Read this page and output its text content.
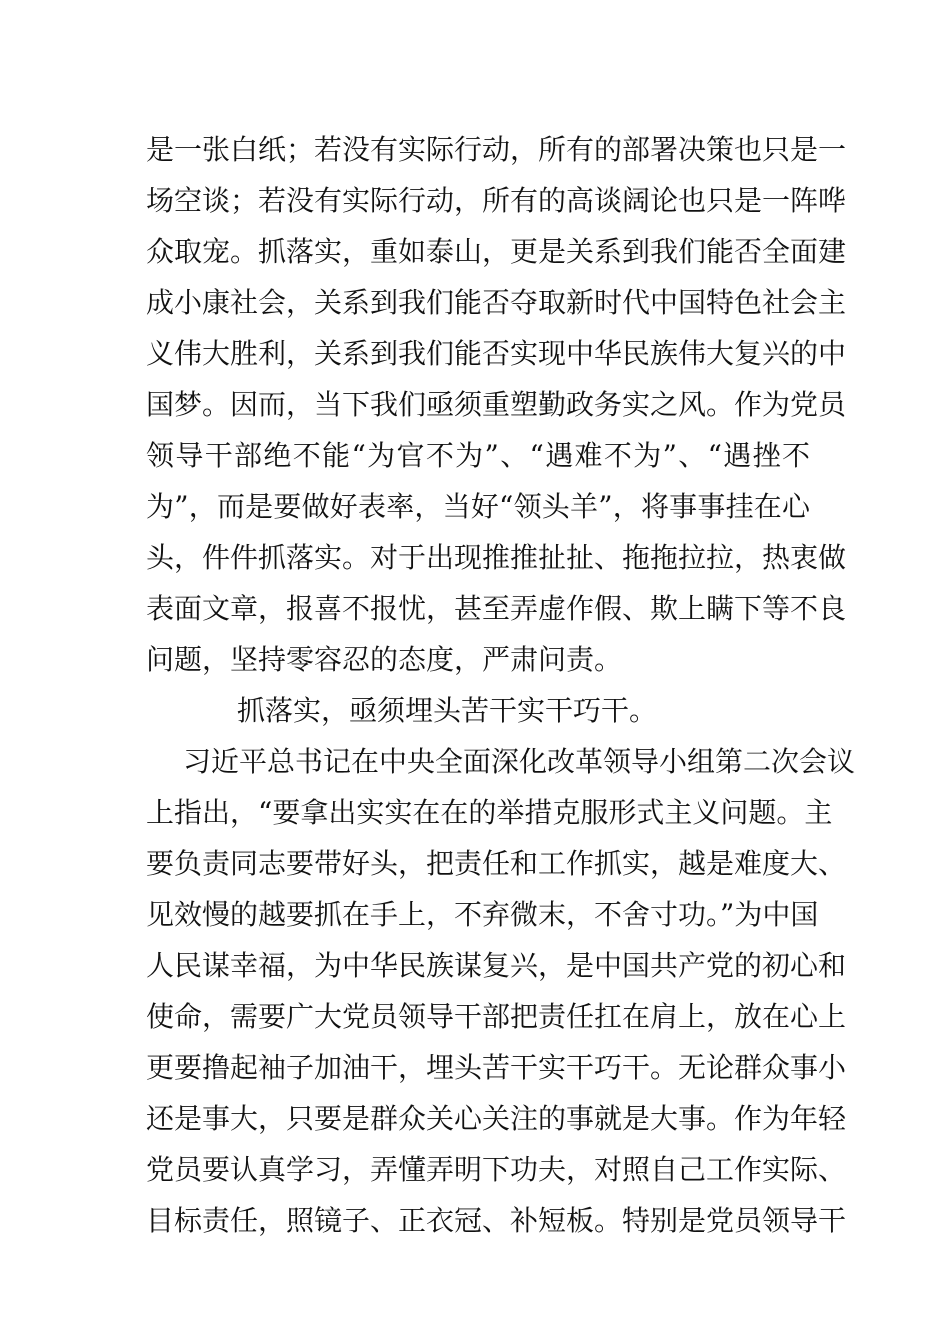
是一张白纸；若没有实际行动，所有的部署决策也只是一
场空谈；若没有实际行动，所有的高谈阔论也只是一阵哗
众取宠。抓落实，重如泰山，更是关系到我们能否全面建
成小康社会，关系到我们能否夺取新时代中国特色社会主
义伟大胜利，关系到我们能否实现中华民族伟大复兴的中
国梦。因而，当下我们亟须重塑勤政务实之风。作为党员
领导干部绝不能“为官不为”、“遇难不为”、“遇挫不
为”，而是要做好表率，当好“领头羊”，将事事挂在心
头，件件抓落实。对于出现推推扯扯、拖拖拉拉，热衷做
表面文章，报喜不报忧，甚至弄虚作假、欺上瞒下等不良
问题，坚持零容忍的态度，严肃问责。
抓落实，亟须埋头苦干实干巧干。
习近平总书记在中央全面深化改革领导小组第二次会议
上指出，“要拿出实实在在的举措克服形式主义问题。主
要负责同志要带好头，把责任和工作抓实，越是难度大、
见效慢的越要抓在手上，不弃微末，不舍寸功。”为中国
人民谋幸福，为中华民族谋复兴，是中国共产党的初心和
使命，需要广大党员领导干部把责任扛在肩上，放在心上
更要撸起袖子加油干，埋头苦干实干巧干。无论群众事小
还是事大，只要是群众关心关注的事就是大事。作为年轻
党员要认真学习，弄懂弄明下功夫，对照自己工作实际、
目标责任，照镜子、正衣冠、补短板。特别是党员领导干
